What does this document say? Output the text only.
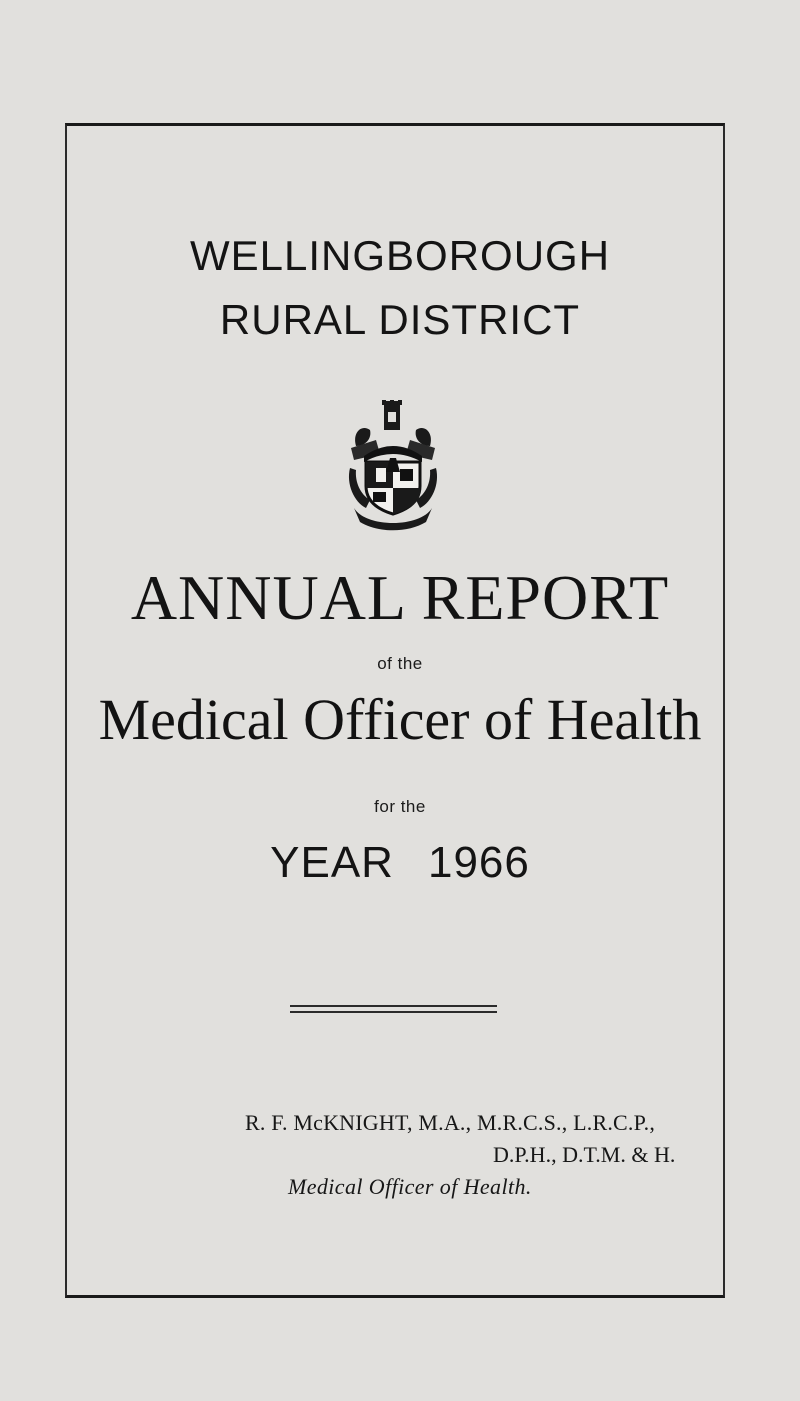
WELLINGBOROUGH
RURAL DISTRICT
ANNUAL REPORT
of the
Medical Officer of Health
for the
YEAR 1966
R. F. McKNIGHT, M.A., M.R.C.S., L.R.C.P.,
D.P.H., D.T.M. & H.
Medical Officer of Health.
